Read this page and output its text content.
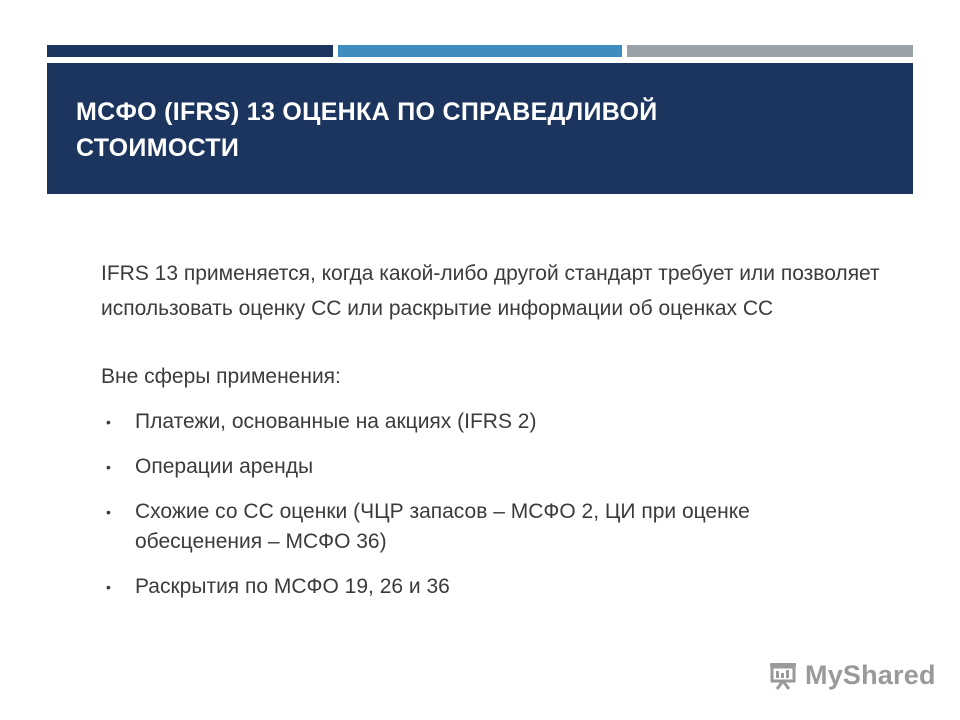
МСФО (IFRS) 13 ОЦЕНКА ПО СПРАВЕДЛИВОЙ СТОИМОСТИ

IFRS 13 применяется, когда какой-либо другой стандарт требует или позволяет использовать оценку СС или раскрытие информации об оценках СС

Вне сферы применения:

• Платежи, основанные на акциях (IFRS 2)
• Операции аренды
• Схожие со СС оценки (ЧЦР запасов – МСФО 2, ЦИ при оценке обесценения – МСФО 36)
• Раскрытия по МСФО 19, 26 и 36
MyShared
